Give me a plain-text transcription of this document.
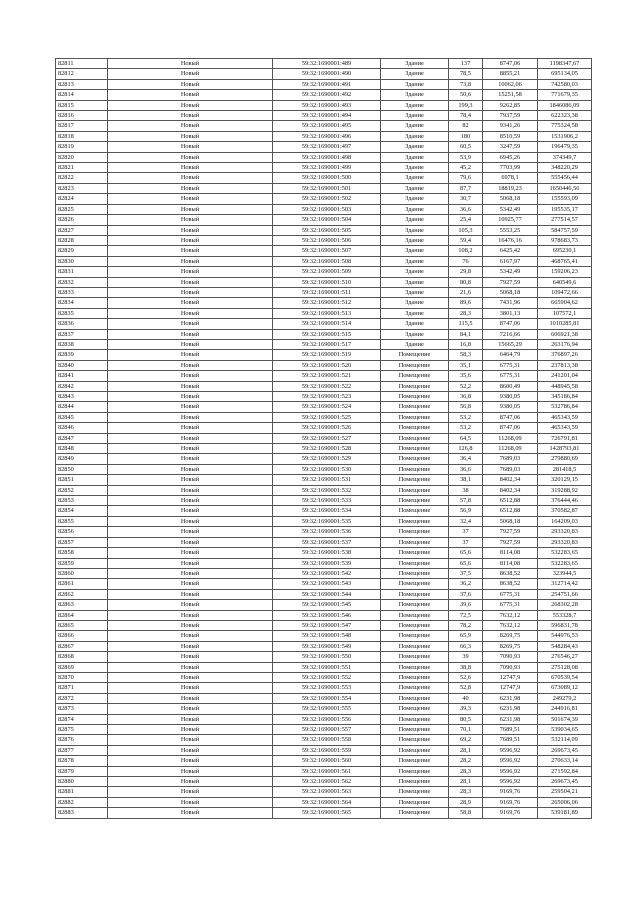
82811	Новый	59:32:1690001:489	Здание	137	8747,06	1198347,67
82812	Новый	59:32:1690001:490	Здание	78,5	8855,21	695134,05
82813	Новый	59:32:1690001:491	Здание	73,8	10062,06	742580,03
82814	Новый	59:32:1690001:492	Здание	50,6	15251,58	771679,35
82815	Новый	59:32:1690001:493	Здание	199,3	9262,85	1846086,09
82816	Новый	59:32:1690001:494	Здание	78,4	7937,59	622323,38
82817	Новый	59:32:1690001:495	Здание	82	9341,26	775324,58
82818	Новый	59:32:1690001:496	Здание	180	8510,59	1531906,2
82819	Новый	59:32:1690001:497	Здание	60,5	3247,59	196479,35
82820	Новый	59:32:1690001:498	Здание	53,9	6945,26	374349,7
82821	Новый	59:32:1690001:499	Здание	45,2	7703,99	348220,29
82822	Новый	59:32:1690001:500	Здание	79,6	6978,1	555456,44
82823	Новый	59:32:1690001:501	Здание	87,7	18819,23	1650446,56
82824	Новый	59:32:1690001:502	Здание	30,7	5068,18	155593,09
82825	Новый	59:32:1690001:503	Здание	36,6	5342,49	195535,17
82826	Новый	59:32:1690001:504	Здание	25,4	10925,77	277514,57
82827	Новый	59:32:1690001:505	Здание	105,3	5553,25	584757,59
82828	Новый	59:32:1690001:506	Здание	59,4	16476,16	978683,73
82829	Новый	59:32:1690001:507	Здание	108,2	6425,42	695230,1
82830	Новый	59:32:1690001:508	Здание	76	6167,97	468765,41
82831	Новый	59:32:1690001:509	Здание	29,8	5342,49	159206,23
82832	Новый	59:32:1690001:510	Здание	80,8	7927,59	640549,6
82833	Новый	59:32:1690001:511	Здание	21,6	5068,18	109472,66
82834	Новый	59:32:1690001:512	Здание	89,6	7431,96	665904,62
82835	Новый	59:32:1690001:513	Здание	28,3	3801,13	107572,1
82836	Новый	59:32:1690001:514	Здание	115,5	8747,06	1010285,81
82837	Новый	59:32:1690001:515	Здание	84,1	7216,66	606921,38
82838	Новый	59:32:1690001:517	Здание	16,8	15665,29	263176,94
82839	Новый	59:32:1690001:519	Помещение	58,3	6464,79	376897,26
82840	Новый	59:32:1690001:520	Помещение	35,1	6775,31	237813,38
82841	Новый	59:32:1690001:521	Помещение	35,6	6775,31	241201,04
82842	Новый	59:32:1690001:522	Помещение	52,2	8600,49	448945,58
82843	Новый	59:32:1690001:523	Помещение	36,8	9380,05	345186,84
82844	Новый	59:32:1690001:524	Помещение	56,8	9380,05	532786,84
82845	Новый	59:32:1690001:525	Помещение	53,2	8747,06	465343,59
82846	Новый	59:32:1690001:526	Помещение	53,2	8747,06	465343,59
82847	Новый	59:32:1690001:527	Помещение	64,5	11268,09	726791,81
82848	Новый	59:32:1690001:528	Помещение	126,8	11268,09	1428793,81
82849	Новый	59:32:1690001:529	Помещение	36,4	7689,03	279880,69
82850	Новый	59:32:1690001:530	Помещение	36,6	7689,03	281418,5
82851	Новый	59:32:1690001:531	Помещение	38,1	8402,34	320129,15
82852	Новый	59:32:1690001:532	Помещение	38	8402,34	319288,92
82853	Новый	59:32:1690001:533	Помещение	57,8	6512,88	376444,46
82854	Новый	59:32:1690001:534	Помещение	56,9	6512,88	370582,87
82855	Новый	59:32:1690001:535	Помещение	32,4	5068,18	164209,03
82856	Новый	59:32:1690001:536	Помещение	37	7927,59	293320,83
82857	Новый	59:32:1690001:537	Помещение	37	7927,59	293320,83
82858	Новый	59:32:1690001:538	Помещение	65,6	8114,08	532283,65
82859	Новый	59:32:1690001:539	Помещение	65,6	8114,08	532283,65
82860	Новый	59:32:1690001:542	Помещение	37,5	8638,52	323944,5
82861	Новый	59:32:1690001:543	Помещение	36,2	8638,52	312714,42
82862	Новый	59:32:1690001:544	Помещение	37,6	6775,31	254751,66
82863	Новый	59:32:1690001:545	Помещение	39,6	6775,31	268302,28
82864	Новый	59:32:1690001:546	Помещение	72,5	7632,12	553328,7
82865	Новый	59:32:1690001:547	Помещение	78,2	7632,12	596831,78
82866	Новый	59:32:1690001:548	Помещение	65,9	8269,75	544976,53
82867	Новый	59:32:1690001:549	Помещение	66,3	8269,75	548284,43
82868	Новый	59:32:1690001:550	Помещение	39	7090,93	276546,27
82869	Новый	59:32:1690001:551	Помещение	38,8	7090,93	275128,08
82870	Новый	59:32:1690001:552	Помещение	52,6	12747,9	670539,54
82871	Новый	59:32:1690001:553	Помещение	52,8	12747,9	673089,12
82872	Новый	59:32:1690001:554	Помещение	40	6231,98	249279,2
82873	Новый	59:32:1690001:555	Помещение	39,3	6231,98	244916,81
82874	Новый	59:32:1690001:556	Помещение	80,5	6231,98	501674,39
82875	Новый	59:32:1690001:557	Помещение	70,1	7689,51	539034,65
82876	Новый	59:32:1690001:558	Помещение	69,2	7689,51	532114,09
82877	Новый	59:32:1690001:559	Помещение	28,1	9596,92	269673,45
82878	Новый	59:32:1690001:560	Помещение	28,2	9596,92	270633,14
82879	Новый	59:32:1690001:561	Помещение	28,3	9596,92	271592,84
82880	Новый	59:32:1690001:562	Помещение	28,1	9596,92	269673,45
82881	Новый	59:32:1690001:563	Помещение	28,3	9169,76	259504,21
82882	Новый	59:32:1690001:564	Помещение	28,9	9169,76	265006,06
82883	Новый	59:32:1690001:565	Помещение	58,8	9169,76	539181,89
